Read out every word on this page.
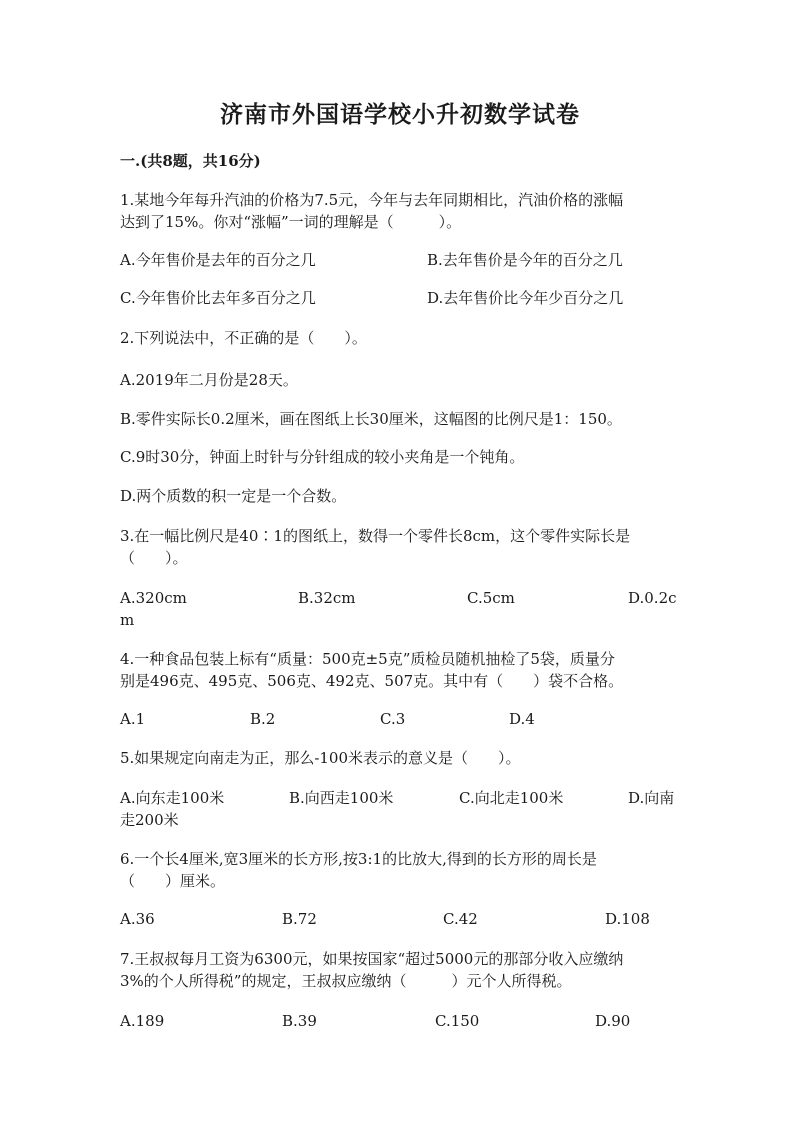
济南市外国语学校小升初数学试卷
一.(共8题，共16分)
1.某地今年每升汽油的价格为7.5元，今年与去年同期相比，汽油价格的涨幅
达到了15%。你对“涨幅”一词的理解是（　　　）。
A.今年售价是去年的百分之几	B.去年售价是今年的百分之几
C.今年售价比去年多百分之几	D.去年售价比今年少百分之几
2.下列说法中，不正确的是（　　）。
A.2019年二月份是28天。
B.零件实际长0.2厘米，画在图纸上长30厘米，这幅图的比例尺是1：150。
C.9时30分，钟面上时针与分针组成的较小夹角是一个钝角。
D.两个质数的积一定是一个合数。
3.在一幅比例尺是40∶1的图纸上，数得一个零件长8cm，这个零件实际长是
（　　）。
A.320cm	B.32cm	C.5cm	D.0.2c
m
4.一种食品包装上标有“质量：500克±5克”质检员随机抽检了5袋，质量分
别是496克、495克、506克、492克、507克。其中有（　　）袋不合格。
A.1	B.2	C.3	D.4
5.如果规定向南走为正，那么-100米表示的意义是（　　）。
A.向东走100米	B.向西走100米	C.向北走100米	D.向南
走200米
6.一个长4厘米,宽3厘米的长方形,按3:1的比放大,得到的长方形的周长是
（　　）厘米。
A.36	B.72	C.42	D.108
7.王叔叔每月工资为6300元，如果按国家“超过5000元的那部分收入应缴纳
3%的个人所得税”的规定，王叔叔应缴纳（　　　）元个人所得税。
A.189	B.39	C.150	D.90
